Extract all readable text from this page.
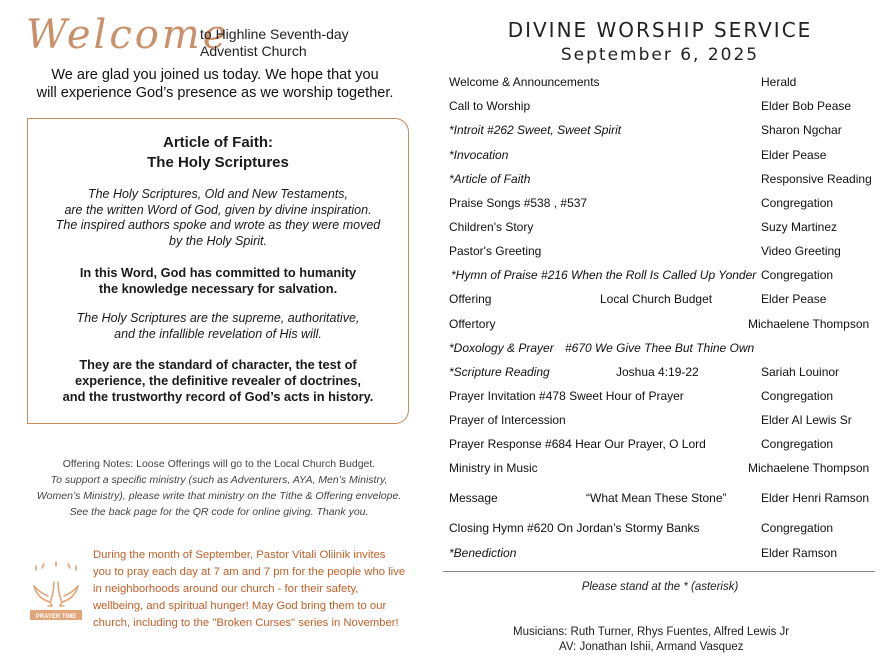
Welcome
to Highline Seventh-day
Adventist Church
We are glad you joined us today. We hope that you
will experience God’s presence as we worship together.
Article of Faith:
The Holy Scriptures
The Holy Scriptures, Old and New Testaments,
are the written Word of God, given by divine inspiration.
The inspired authors spoke and wrote as they were moved
by the Holy Spirit.
In this Word, God has committed to humanity
the knowledge necessary for salvation.
The Holy Scriptures are the supreme, authoritative,
and the infallible revelation of His will.
They are the standard of character, the test of
experience, the definitive revealer of doctrines,
and the trustworthy record of God’s acts in history.
Offering Notes: Loose Offerings will go to the Local Church Budget.
To support a specific ministry (such as Adventurers, AYA, Men’s Ministry,
Women’s Ministry), please write that ministry on the Tithe & Offering envelope.
See the back page for the QR code for online giving. Thank you.
PRAYER TIME
During the month of September, Pastor Vitali Oliinik invites
you to pray each day at 7 am and 7 pm for the people who live
in neighborhoods around our church - for their safety,
wellbeing, and spiritual hunger! May God bring them to our
church, including to the "Broken Curses" series in November!
DIVINE WORSHIP SERVICE
September 6, 2025
Welcome & Announcements	Herald
Call to Worship	Elder Bob Pease
*Introit #262 Sweet, Sweet Spirit	Sharon Ngchar
*Invocation	Elder Pease
*Article of Faith	Responsive Reading
Praise Songs #538 , #537	Congregation
Children's Story	Suzy Martinez
Pastor's Greeting	Video Greeting
*Hymn of Praise #216 When the Roll Is Called Up Yonder Congregation
Offering	Local Church Budget	Elder Pease
Offertory	Michaelene Thompson
*Doxology & Prayer #670 We Give Thee But Thine Own
*Scripture Reading	Joshua 4:19-22	Sariah Louinor
Prayer Invitation #478 Sweet Hour of Prayer	Congregation
Prayer of Intercession	Elder Al Lewis Sr
Prayer Response #684 Hear Our Prayer, O Lord	Congregation
Ministry in Music	Michaelene Thompson
Message	“What Mean These Stone”	Elder Henri Ramson
Closing Hymn #620 On Jordan’s Stormy Banks	Congregation
*Benediction	Elder Ramson
Please stand at the * (asterisk)
Musicians: Ruth Turner, Rhys Fuentes, Alfred Lewis Jr
AV: Jonathan Ishii, Armand Vasquez
